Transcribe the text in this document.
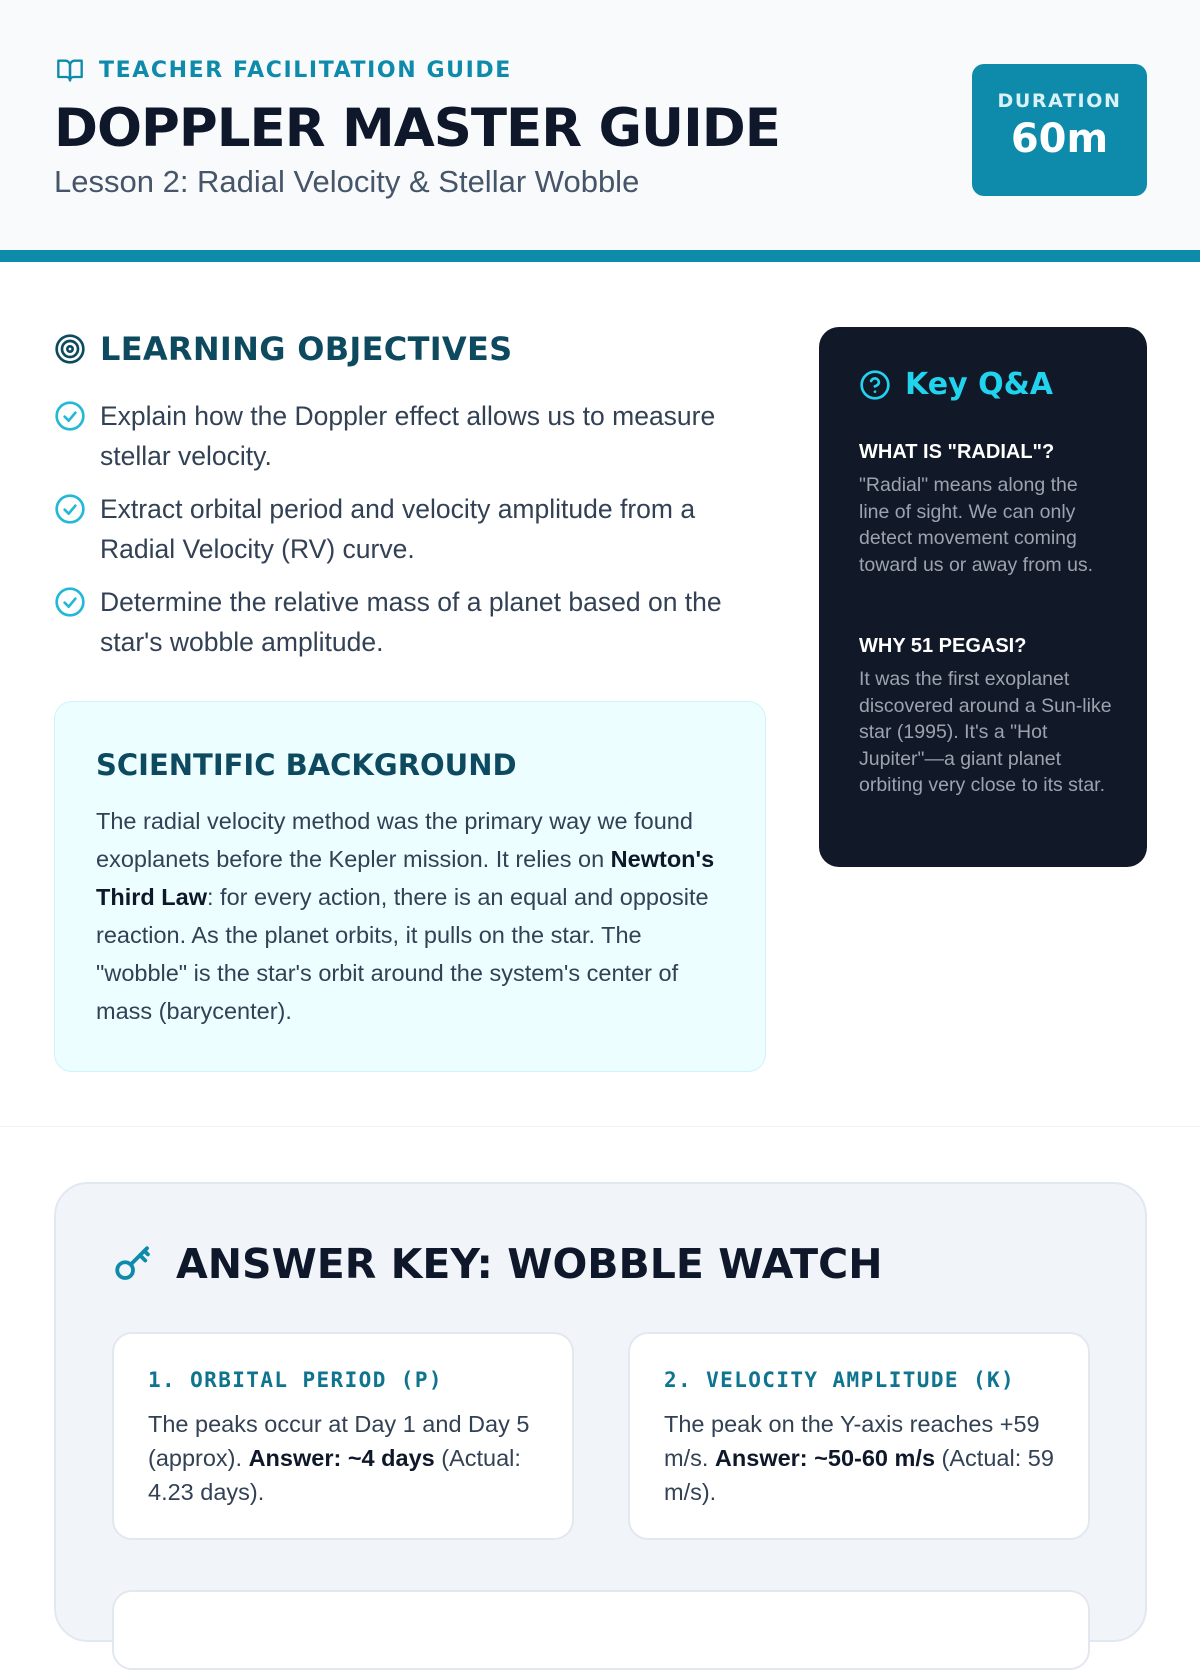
TEACHER FACILITATION GUIDE
DOPPLER MASTER GUIDE
Lesson 2: Radial Velocity & Stellar Wobble
DURATION
60m
LEARNING OBJECTIVES
Explain how the Doppler effect allows us to measure stellar velocity.
Extract orbital period and velocity amplitude from a Radial Velocity (RV) curve.
Determine the relative mass of a planet based on the star's wobble amplitude.
SCIENTIFIC BACKGROUND

The radial velocity method was the primary way we found exoplanets before the Kepler mission. It relies on Newton's Third Law: for every action, there is an equal and opposite reaction. As the planet orbits, it pulls on the star. The "wobble" is the star's orbit around the system's center of mass (barycenter).

Key Q&A
WHAT IS "RADIAL"?

"Radial" means along the line of sight. We can only detect movement coming toward us or away from us.

WHY 51 PEGASI?

It was the first exoplanet discovered around a Sun-like star (1995). It's a "Hot Jupiter"—a giant planet orbiting very close to its star.

ANSWER KEY: WOBBLE WATCH
1. ORBITAL PERIOD (P)

The peaks occur at Day 1 and Day 5 (approx). Answer: ~4 days (Actual: 4.23 days).

2. VELOCITY AMPLITUDE (K)

The peak on the Y-axis reaches +59 m/s. Answer: ~50-60 m/s (Actual: 59 m/s).
